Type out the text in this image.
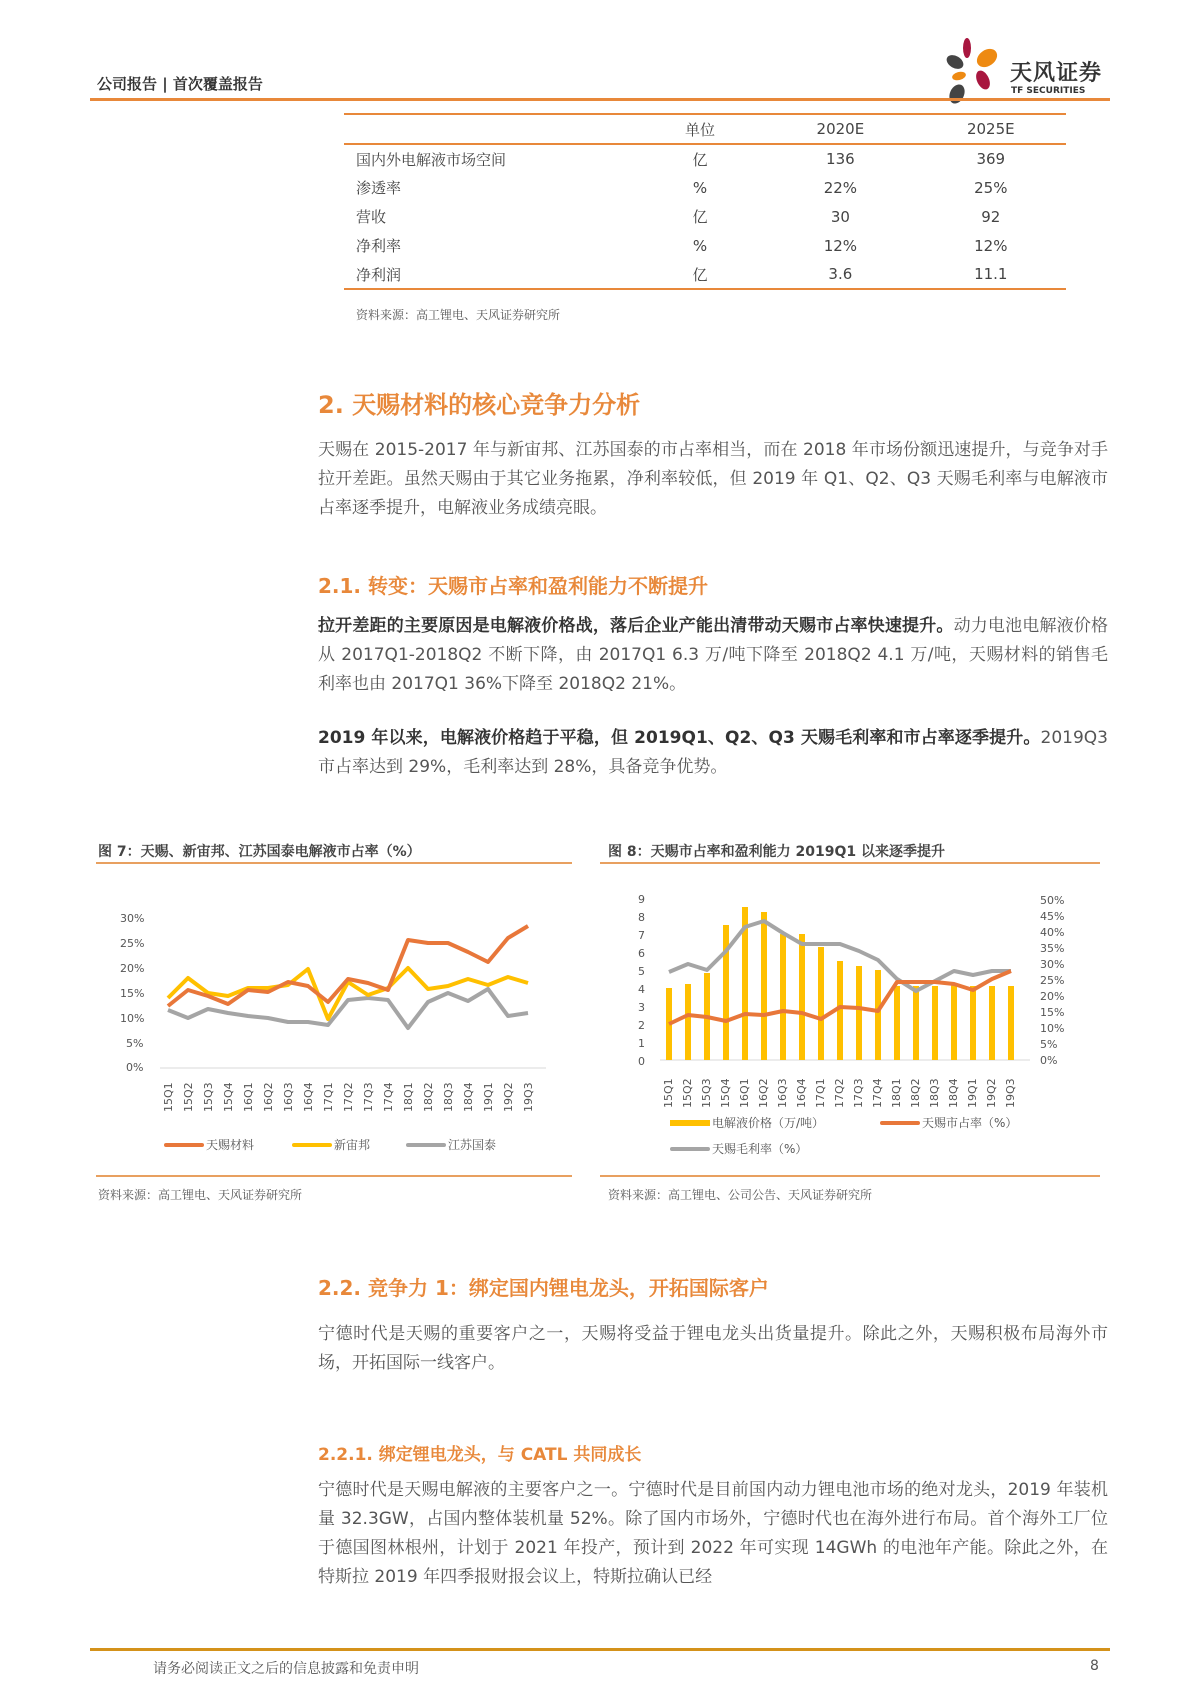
公司报告 | 首次覆盖报告	天风证券
TF SECURITIES
	单位	2020E	2025E
国内外电解液市场空间	亿	136	369
渗透率	%	22%	25%
营收	亿	30	92
净利率	%	12%	12%
净利润	亿	3.6	11.1
资料来源：高工锂电、天风证券研究所
2. 天赐材料的核心竞争力分析

天赐在 2015-2017 年与新宙邦、江苏国泰的市占率相当，而在 2018 年市场份额迅速提升，与竞争对手拉开差距。虽然天赐由于其它业务拖累，净利率较低，但 2019 年 Q1、Q2、Q3 天赐毛利率与电解液市占率逐季提升，电解液业务成绩亮眼。

2.1. 转变：天赐市占率和盈利能力不断提升

拉开差距的主要原因是电解液价格战，落后企业产能出清带动天赐市占率快速提升。动力电池电解液价格从 2017Q1-2018Q2 不断下降，由 2017Q1 6.3 万/吨下降至 2018Q2 4.1 万/吨，天赐材料的销售毛利率也由 2017Q1 36%下降至 2018Q2 21%。

2019 年以来，电解液价格趋于平稳，但 2019Q1、Q2、Q3 天赐毛利率和市占率逐季提升。2019Q3 市占率达到 29%，毛利率达到 28%，具备竞争优势。

图 7：天赐、新宙邦、江苏国泰电解液市占率（%）
30%
25%
20%
15%
10%
5%
0%
15Q1 15Q2 15Q3 15Q4 16Q1 16Q2 16Q3 16Q4 17Q1 17Q2 17Q3 17Q4 18Q1 18Q2 18Q3 18Q4 19Q1 19Q2 19Q3
天赐材料	新宙邦	江苏国泰
资料来源：高工锂电、天风证券研究所
图 8：天赐市占率和盈利能力 2019Q1 以来逐季提升
9
8
7
6
5
4
3
2
1
0
50%
45%
40%
35%
30%
25%
20%
15%
10%
5%
0%
15Q1 15Q2 15Q3 15Q4 16Q1 16Q2 16Q3 16Q4 17Q1 17Q2 17Q3 17Q4 18Q1 18Q2 18Q3 18Q4 19Q1 19Q2 19Q3
电解液价格（万/吨）	天赐市占率（%）
天赐毛利率（%）
资料来源：高工锂电、公司公告、天风证券研究所
2.2. 竞争力 1：绑定国内锂电龙头，开拓国际客户

宁德时代是天赐的重要客户之一，天赐将受益于锂电龙头出货量提升。除此之外，天赐积极布局海外市场，开拓国际一线客户。

2.2.1. 绑定锂电龙头，与 CATL 共同成长

宁德时代是天赐电解液的主要客户之一。宁德时代是目前国内动力锂电池市场的绝对龙头，2019 年装机量 32.3GW，占国内整体装机量 52%。除了国内市场外，宁德时代也在海外进行布局。首个海外工厂位于德国图林根州，计划于 2021 年投产，预计到 2022 年可实现 14GWh 的电池年产能。除此之外，在特斯拉 2019 年四季报财报会议上，特斯拉确认已经

请务必阅读正文之后的信息披露和免责申明	8
